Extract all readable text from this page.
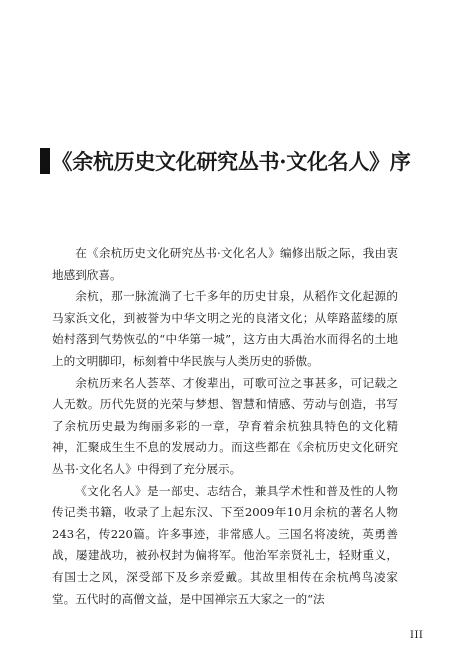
《余杭历史文化研究丛书·文化名人》序

在《余杭历史文化研究丛书·文化名人》编修出版之际，我由衷地感到欣喜。

余杭，那一脉流淌了七千多年的历史甘泉，从稻作文化起源的马家浜文化，到被誉为中华文明之光的良渚文化；从筚路蓝缕的原始村落到气势恢弘的“中华第一城”，这方由大禹治水而得名的土地上的文明脚印，标刻着中华民族与人类历史的骄傲。

余杭历来名人荟萃、才俊辈出，可歌可泣之事甚多，可记载之人无数。历代先贤的光荣与梦想、智慧和情感、劳动与创造，书写了余杭历史最为绚丽多彩的一章，孕育着余杭独具特色的文化精神，汇聚成生生不息的发展动力。而这些都在《余杭历史文化研究丛书·文化名人》中得到了充分展示。

《文化名人》是一部史、志结合，兼具学术性和普及性的人物传记类书籍，收录了上起东汉、下至2009年10月余杭的著名人物243名，传220篇。许多事迹，非常感人。三国名将凌统，英勇善战，屡建战功，被孙权封为偏将军。他治军亲贤礼士，轻财重义，有国士之风，深受部下及乡亲爱戴。其故里相传在余杭鸬鸟凌家堂。五代时的高僧文益，是中国禅宗五大家之一的“法

III
